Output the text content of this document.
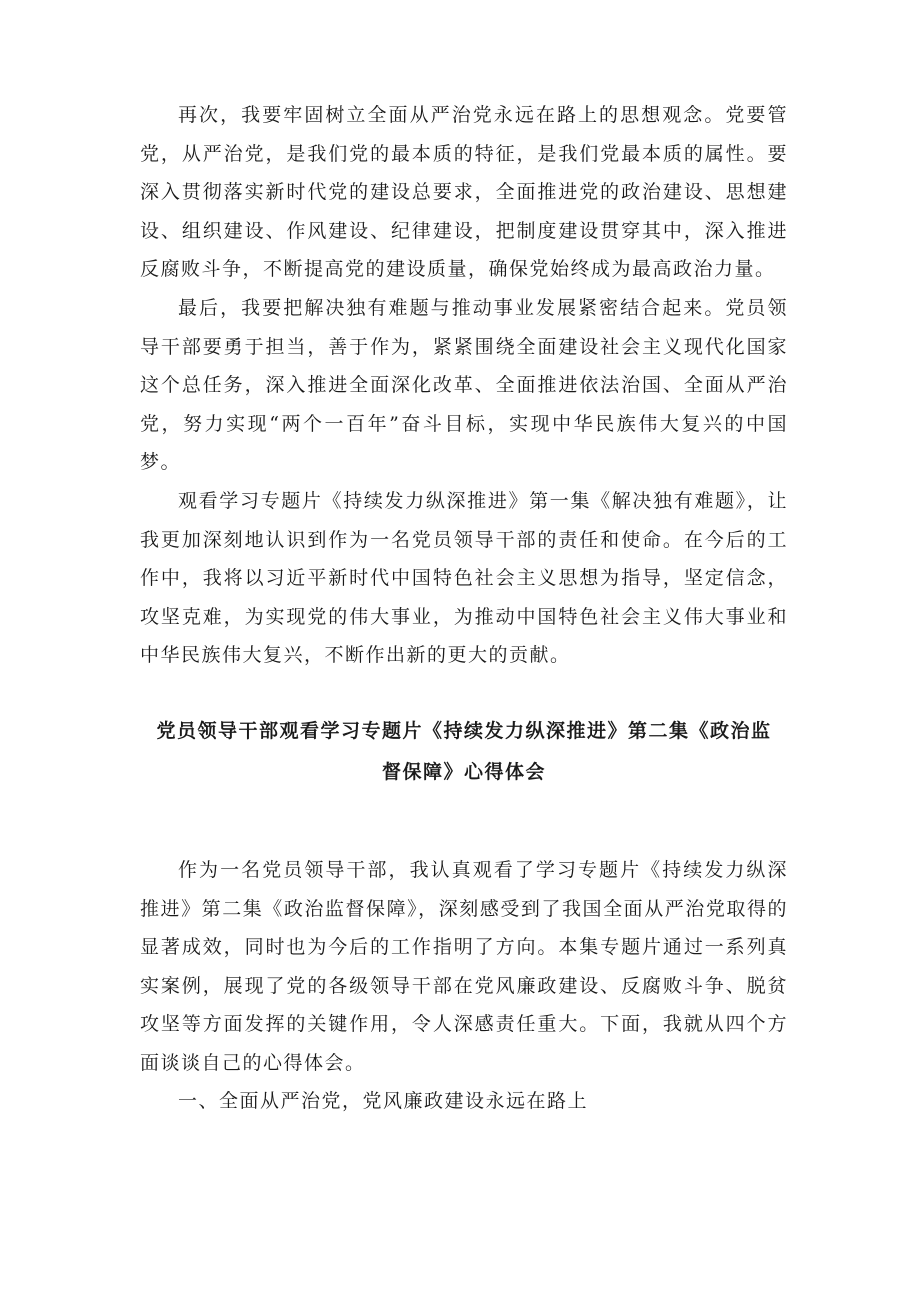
再次，我要牢固树立全面从严治党永远在路上的思想观念。党要管党，从严治党，是我们党的最本质的特征，是我们党最本质的属性。要深入贯彻落实新时代党的建设总要求，全面推进党的政治建设、思想建设、组织建设、作风建设、纪律建设，把制度建设贯穿其中，深入推进反腐败斗争，不断提高党的建设质量，确保党始终成为最高政治力量。

最后，我要把解决独有难题与推动事业发展紧密结合起来。党员领导干部要勇于担当，善于作为，紧紧围绕全面建设社会主义现代化国家这个总任务，深入推进全面深化改革、全面推进依法治国、全面从严治党，努力实现“两个一百年”奋斗目标，实现中华民族伟大复兴的中国梦。

观看学习专题片《持续发力纵深推进》第一集《解决独有难题》，让我更加深刻地认识到作为一名党员领导干部的责任和使命。在今后的工作中，我将以习近平新时代中国特色社会主义思想为指导，坚定信念，攻坚克难，为实现党的伟大事业，为推动中国特色社会主义伟大事业和中华民族伟大复兴，不断作出新的更大的贡献。

党员领导干部观看学习专题片《持续发力纵深推进》第二集《政治监
督保障》心得体会

作为一名党员领导干部，我认真观看了学习专题片《持续发力纵深推进》第二集《政治监督保障》，深刻感受到了我国全面从严治党取得的显著成效，同时也为今后的工作指明了方向。本集专题片通过一系列真实案例，展现了党的各级领导干部在党风廉政建设、反腐败斗争、脱贫攻坚等方面发挥的关键作用，令人深感责任重大。下面，我就从四个方面谈谈自己的心得体会。

一、全面从严治党，党风廉政建设永远在路上
